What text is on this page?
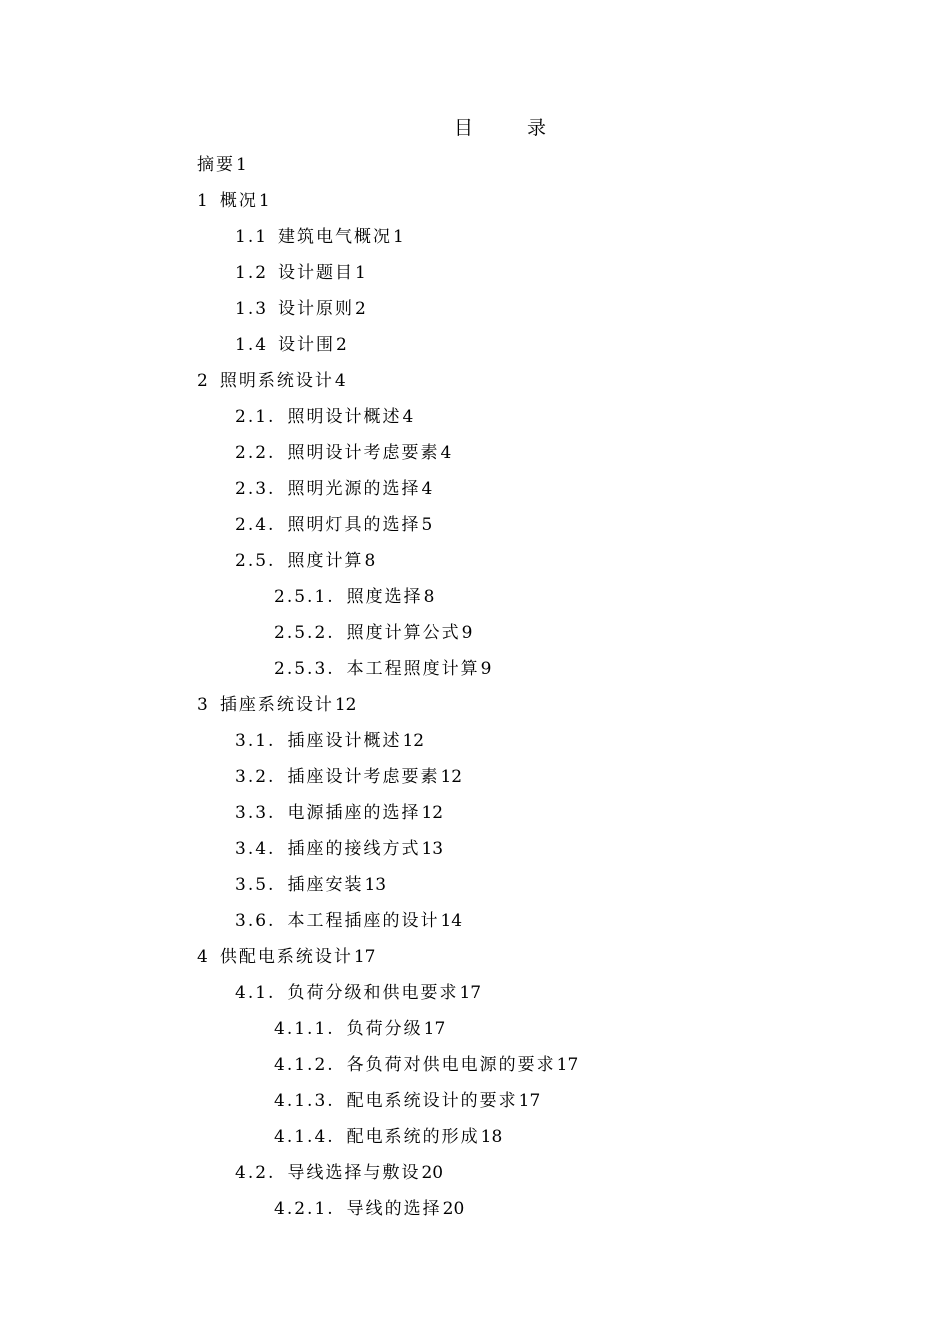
目 录
摘要1
1 概况1
1.1 建筑电气概况1
1.2 设计题目1
1.3 设计原则2
1.4 设计围2
2 照明系统设计4
2.1. 照明设计概述4
2.2. 照明设计考虑要素4
2.3. 照明光源的选择4
2.4. 照明灯具的选择5
2.5. 照度计算8
2.5.1. 照度选择8
2.5.2. 照度计算公式9
2.5.3. 本工程照度计算9
3 插座系统设计12
3.1. 插座设计概述12
3.2. 插座设计考虑要素12
3.3. 电源插座的选择12
3.4. 插座的接线方式13
3.5. 插座安装13
3.6. 本工程插座的设计14
4 供配电系统设计17
4.1. 负荷分级和供电要求17
4.1.1. 负荷分级17
4.1.2. 各负荷对供电电源的要求17
4.1.3. 配电系统设计的要求17
4.1.4. 配电系统的形成18
4.2. 导线选择与敷设20
4.2.1. 导线的选择20
